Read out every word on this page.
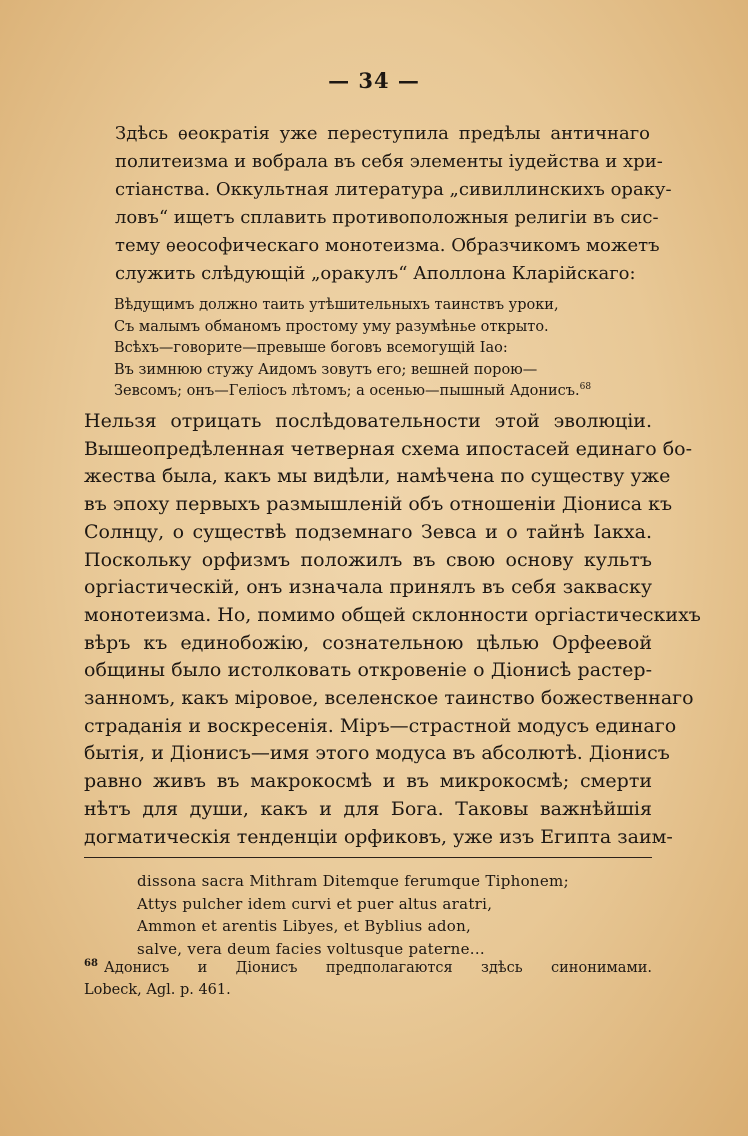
— 34 —
Здѣсь ѳеократія уже переступила предѣлы античнаго
политеизма и вобрала въ себя элементы іудейства и хри-
стіанства. Оккультная литература „сивиллинскихъ ораку-
ловъ“ ищетъ сплавить противоположныя религіи въ сис-
тему ѳеософическаго монотеизма. Образчикомъ можетъ
служить слѣдующій „оракулъ“ Аполлона Кларійскаго:
Вѣдущимъ должно таить утѣшительныхъ таинствъ уроки,
Съ малымъ обманомъ простому уму разумѣнье открыто.
Всѣхъ—говорите—превыше боговъ всемогущій Іао:
Въ зимнюю стужу Аидомъ зовутъ его; вешней порою—
Зевсомъ; онъ—Геліосъ лѣтомъ; а осенью—пышный Адонисъ.$^{68}$
Нельзя отрицать послѣдовательности этой эволюціи.
Вышеопредѣленная четверная схема ипостасей единаго бо-
жества была, какъ мы видѣли, намѣчена по существу уже
въ эпоху первыхъ размышленій объ отношеніи Діониса къ
Солнцу, о существѣ подземнаго Зевса и о тайнѣ Іакха.
Поскольку орфизмъ положилъ въ свою основу культъ
оргіастическій, онъ изначала принялъ въ себя закваску
монотеизма. Но, помимо общей склонности оргіастическихъ
вѣръ къ единобожію, сознательною цѣлью Орфеевой
общины было истолковать откровеніе о Діонисѣ растер-
занномъ, какъ міровое, вселенское таинство божественнаго
страданія и воскресенія. Міръ—страстной модусъ единаго
бытія, и Діонисъ—имя этого модуса въ абсолютѣ. Діонисъ
равно живъ въ макрокосмѣ и въ микрокосмѣ; смерти
нѣтъ для души, какъ и для Бога. Таковы важнѣйшія
догматическія тенденціи орфиковъ, уже изъ Египта заим-
dissona sacra Mithram Ditemque ferumque Tiphonem;
Attys pulcher idem curvi et puer altus aratri,
Ammon et arentis Libyes, et Byblius adon,
salve, vera deum facies voltusque paterne...
$^{68}$ Адонисъ и Діонисъ предполагаются здѣсь синонимами.
Lobeck, Agl. p. 461.
